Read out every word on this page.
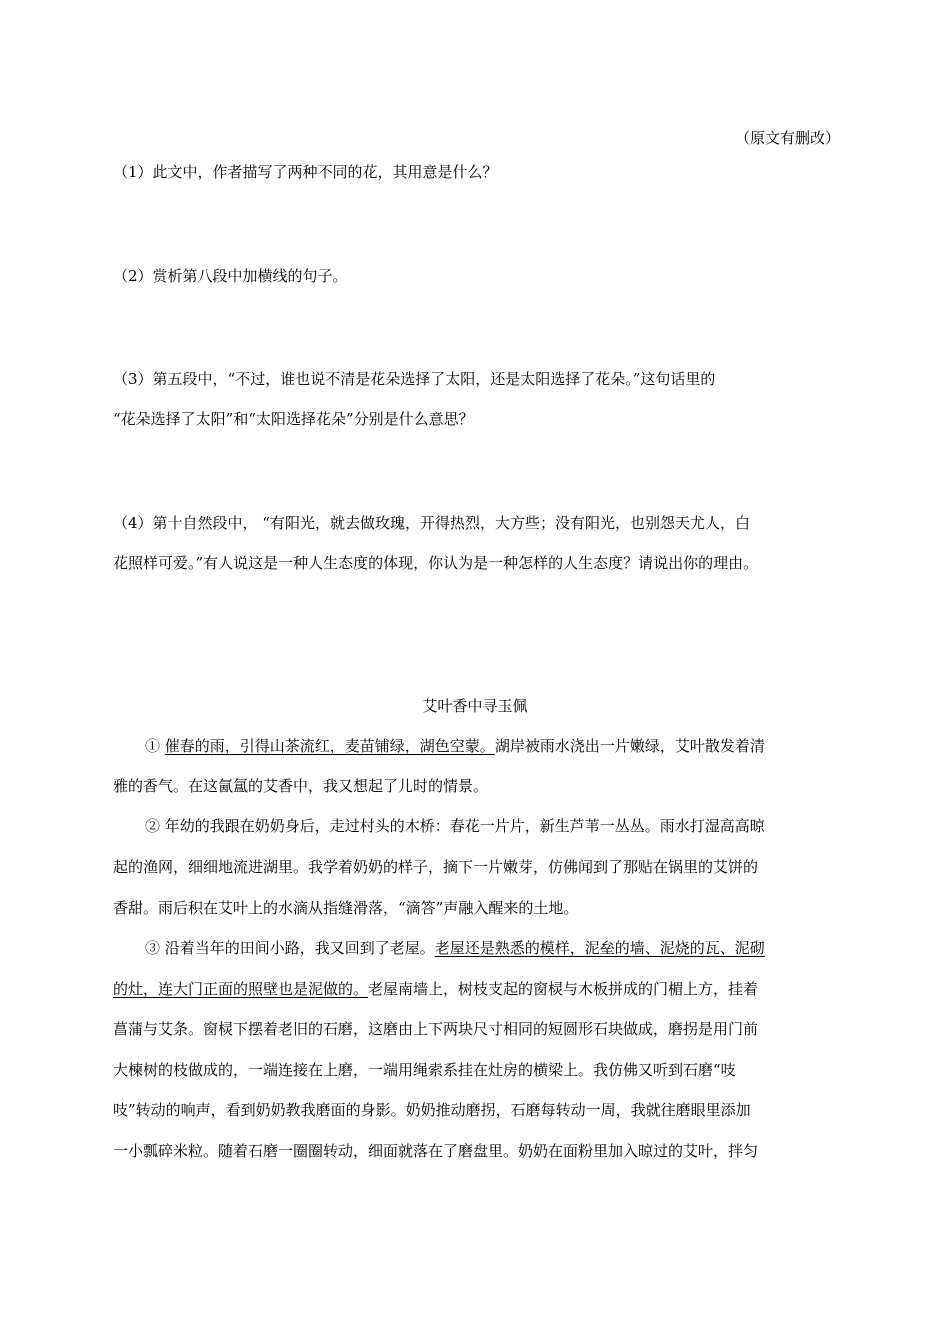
（原文有删改）
（1）此文中，作者描写了两种不同的花，其用意是什么？
（2）赏析第八段中加横线的句子。
（3）第五段中，“不过，谁也说不清是花朵选择了太阳，还是太阳选择了花朵。”这句话里的
“花朵选择了太阳”和“太阳选择花朵”分别是什么意思？
（4）第十自然段中， “有阳光，就去做玫瑰，开得热烈，大方些；没有阳光，也别怨天尤人，白
花照样可爱。”有人说这是一种人生态度的体现，你认为是一种怎样的人生态度？请说出你的理由。
艾叶香中寻玉佩
① 催春的雨，引得山茶流红，麦苗铺绿，湖色空蒙。湖岸被雨水浇出一片嫩绿，艾叶散发着清
雅的香气。在这氤氲的艾香中，我又想起了儿时的情景。
② 年幼的我跟在奶奶身后，走过村头的木桥：春花一片片，新生芦苇一丛丛。雨水打湿高高晾
起的渔网，细细地流进湖里。我学着奶奶的样子，摘下一片嫩芽，仿佛闻到了那贴在锅里的艾饼的
香甜。雨后积在艾叶上的水滴从指缝滑落，“滴答”声融入醒来的土地。
③ 沿着当年的田间小路，我又回到了老屋。老屋还是熟悉的模样，泥垒的墙、泥烧的瓦、泥砌
的灶，连大门正面的照壁也是泥做的。老屋南墙上，树枝支起的窗棂与木板拼成的门楣上方，挂着
菖蒲与艾条。窗棂下摆着老旧的石磨，这磨由上下两块尺寸相同的短圆形石块做成，磨拐是用门前
大楝树的枝做成的，一端连接在上磨，一端用绳索系挂在灶房的横梁上。我仿佛又听到石磨“吱
吱”转动的响声，看到奶奶教我磨面的身影。奶奶推动磨拐，石磨每转动一周，我就往磨眼里添加
一小瓢碎米粒。随着石磨一圈圈转动，细面就落在了磨盘里。奶奶在面粉里加入晾过的艾叶，拌匀
